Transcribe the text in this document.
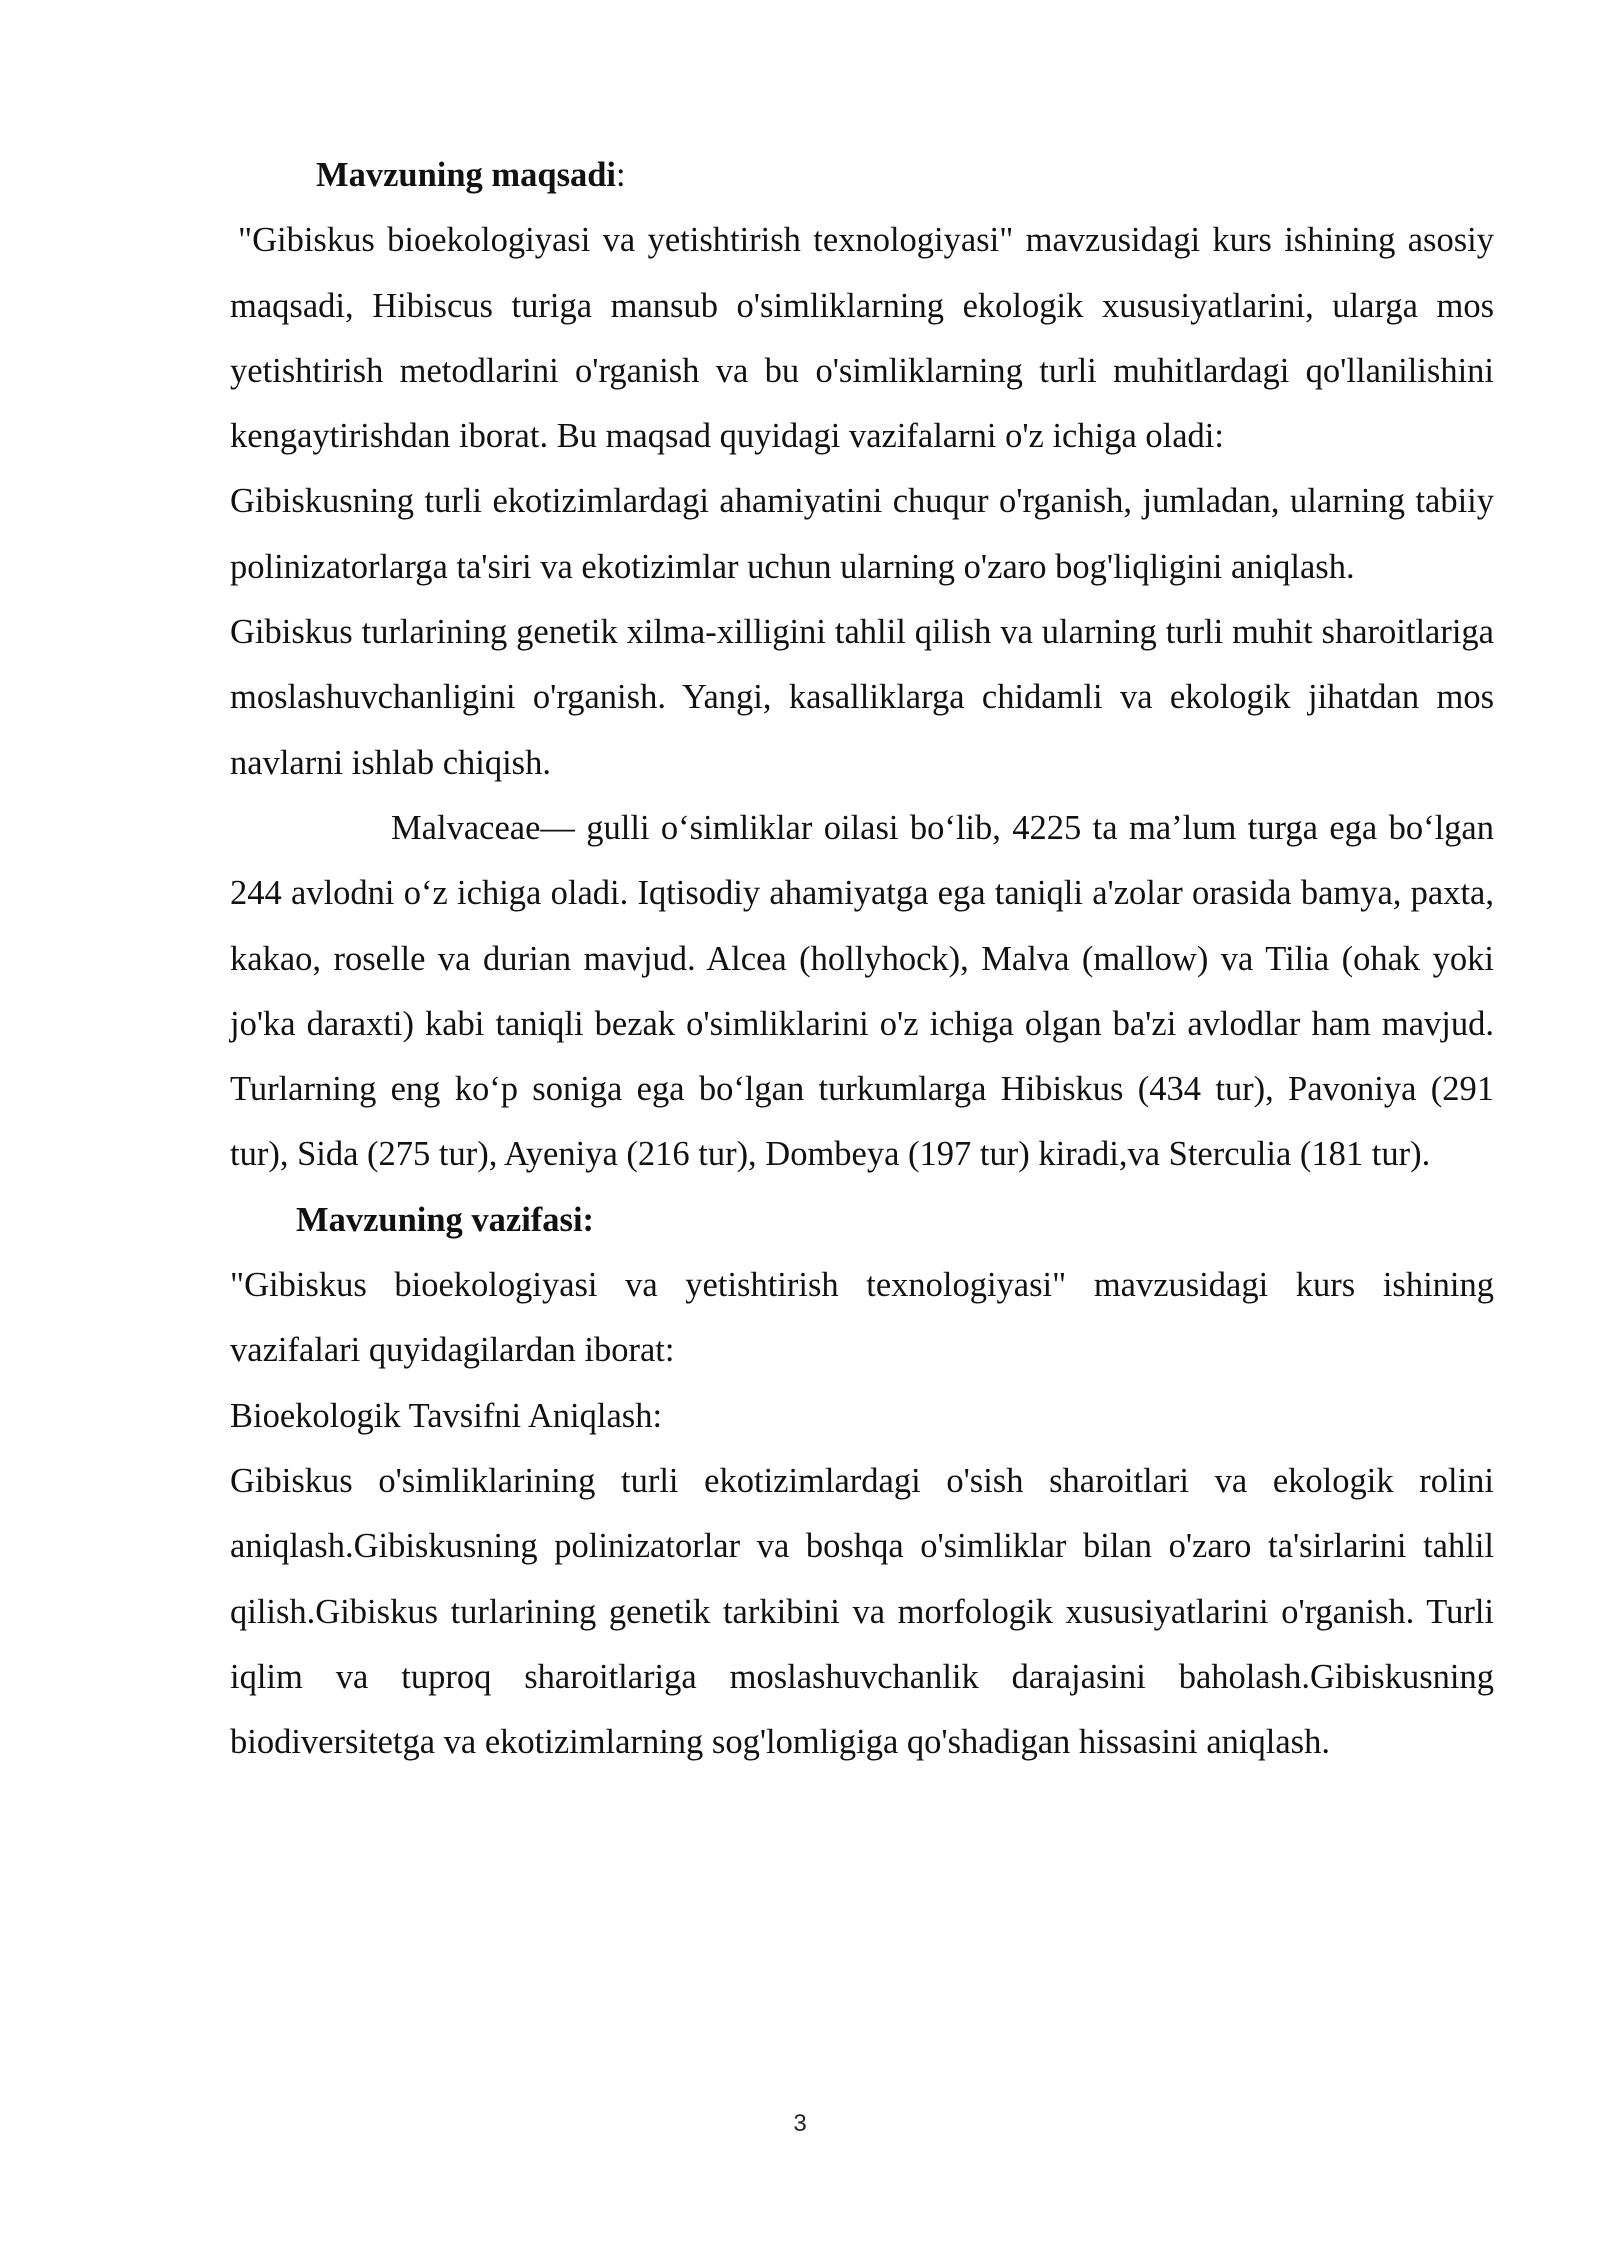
Mavzuning maqsadi:

"Gibiskus bioekologiyasi va yetishtirish texnologiyasi" mavzusidagi kurs ishining asosiy maqsadi, Hibiscus turiga mansub o'simliklarning ekologik xususiyatlarini, ularga mos yetishtirish metodlarini o'rganish va bu o'simliklarning turli muhitlardagi qo'llanilishini kengaytirishdan iborat. Bu maqsad quyidagi vazifalarni o'z ichiga oladi:

Gibiskusning turli ekotizimlardagi ahamiyatini chuqur o'rganish, jumladan, ularning tabiiy polinizatorlarga ta'siri va ekotizimlar uchun ularning o'zaro bog'liqligini aniqlash.

Gibiskus turlarining genetik xilma-xilligini tahlil qilish va ularning turli muhit sharoitlariga moslashuvchanligini o'rganish. Yangi, kasalliklarga chidamli va ekologik jihatdan mos navlarni ishlab chiqish.

Malvaceae— gulli o‘simliklar oilasi bo‘lib, 4225 ta ma’lum turga ega bo‘lgan 244 avlodni o‘z ichiga oladi. Iqtisodiy ahamiyatga ega taniqli a'zolar orasida bamya, paxta, kakao, roselle va durian mavjud. Alcea (hollyhock), Malva (mallow) va Tilia (ohak yoki jo'ka daraxti) kabi taniqli bezak o'simliklarini o'z ichiga olgan ba'zi avlodlar ham mavjud. Turlarning eng ko‘p soniga ega bo‘lgan turkumlarga Hibiskus (434 tur), Pavoniya (291 tur), Sida (275 tur), Ayeniya (216 tur), Dombeya (197 tur) kiradi,va Sterculia (181 tur).

Mavzuning vazifasi:

"Gibiskus bioekologiyasi va yetishtirish texnologiyasi" mavzusidagi kurs ishining vazifalari quyidagilardan iborat:

Bioekologik Tavsifni Aniqlash:

Gibiskus o'simliklarining turli ekotizimlardagi o'sish sharoitlari va ekologik rolini aniqlash.Gibiskusning polinizatorlar va boshqa o'simliklar bilan o'zaro ta'sirlarini tahlil qilish.Gibiskus turlarining genetik tarkibini va morfologik xususiyatlarini o'rganish. Turli iqlim va tuproq sharoitlariga moslashuvchanlik darajasini baholash.Gibiskusning biodiversitetga va ekotizimlarning sog'lomligiga qo'shadigan hissasini aniqlash.

3
